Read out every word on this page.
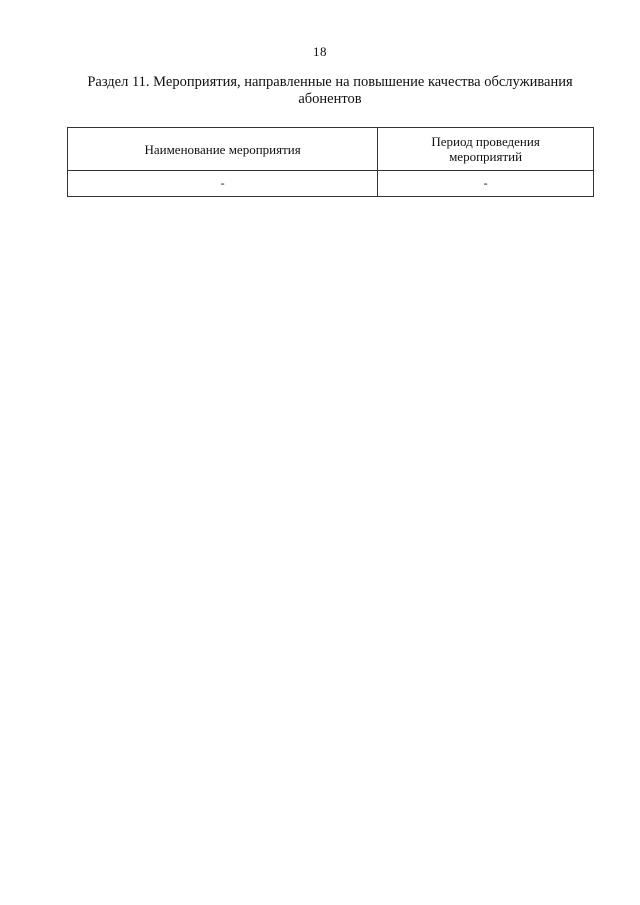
18
Раздел 11. Мероприятия, направленные на повышение качества обслуживания
абонентов
Наименование мероприятия	Период проведения
мероприятий

-	-
